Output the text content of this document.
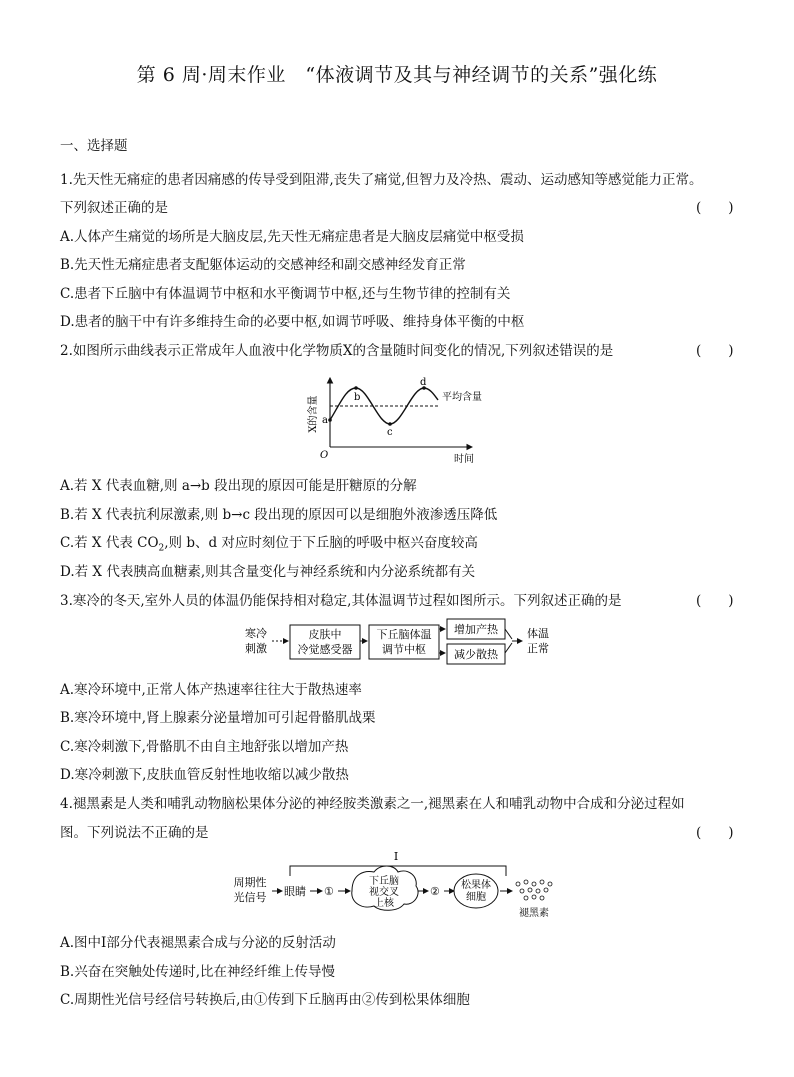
第 6 周·周末作业　“体液调节及其与神经调节的关系”强化练
一、选择题
1.先天性无痛症的患者因痛感的传导受到阻滞,丧失了痛觉,但智力及冷热、震动、运动感知等感觉能力正常。
下列叙述正确的是	(　　)
A.人体产生痛觉的场所是大脑皮层,先天性无痛症患者是大脑皮层痛觉中枢受损
B.先天性无痛症患者支配躯体运动的交感神经和副交感神经发育正常
C.患者下丘脑中有体温调节中枢和水平衡调节中枢,还与生物节律的控制有关
D.患者的脑干中有许多维持生命的必要中枢,如调节呼吸、维持身体平衡的中枢
2.如图所示曲线表示正常成年人血液中化学物质X的含量随时间变化的情况,下列叙述错误的是	(　　)
a
b
c
d
平均含量
X的含量
时间
O
A.若 X 代表血糖,则 a→b 段出现的原因可能是肝糖原的分解
B.若 X 代表抗利尿激素,则 b→c 段出现的原因可以是细胞外液渗透压降低
C.若 X 代表 $CO_2$,则 b、d 对应时刻位于下丘脑的呼吸中枢兴奋度较高
D.若 X 代表胰高血糖素,则其含量变化与神经系统和内分泌系统都有关
3.寒冷的冬天,室外人员的体温仍能保持相对稳定,其体温调节过程如图所示。下列叙述正确的是	(　　)
寒冷
刺激
皮肤中
冷觉感受器
下丘脑体温
调节中枢
增加产热
减少散热
体温
正常
A.寒冷环境中,正常人体产热速率往往大于散热速率
B.寒冷环境中,肾上腺素分泌量增加可引起骨骼肌战栗
C.寒冷刺激下,骨骼肌不由自主地舒张以增加产热
D.寒冷刺激下,皮肤血管反射性地收缩以减少散热
4.褪黑素是人类和哺乳动物脑松果体分泌的神经胺类激素之一,褪黑素在人和哺乳动物中合成和分泌过程如
图。下列说法不正确的是	(　　)
I
周期性
光信号 眼睛 ①
下丘脑
视交叉
上核
② 松果体
细胞
褪黑素
A.图中Ⅰ部分代表褪黑素合成与分泌的反射活动
B.兴奋在突触处传递时,比在神经纤维上传导慢
C.周期性光信号经信号转换后,由①传到下丘脑再由②传到松果体细胞
